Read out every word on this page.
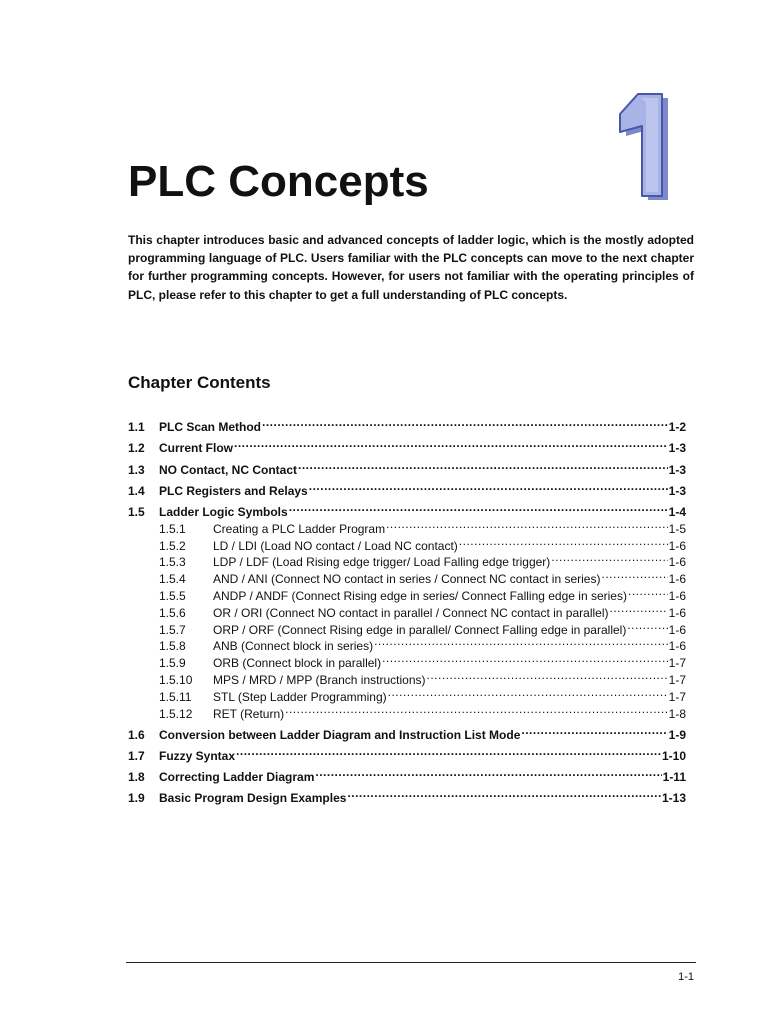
PLC Concepts

This chapter introduces basic and advanced concepts of ladder logic, which is the mostly adopted programming language of PLC. Users familiar with the PLC concepts can move to the next chapter for further programming concepts. However, for users not familiar with the operating principles of PLC, please refer to this chapter to get a full understanding of PLC concepts.

Chapter Contents
1.1	PLC Scan Method .....	1-2
1.2	Current Flow .....	1-3
1.3	NO Contact, NC Contact .....	1-3
1.4	PLC Registers and Relays .....	1-3
1.5	Ladder Logic Symbols .....	1-4
1.5.1	Creating a PLC Ladder Program .....	1-5
1.5.2	LD / LDI (Load NO contact / Load NC contact) .....	1-6
1.5.3	LDP / LDF (Load Rising edge trigger/ Load Falling edge trigger) .....	1-6
1.5.4	AND / ANI (Connect NO contact in series / Connect NC contact in series) .....	1-6
1.5.5	ANDP / ANDF (Connect Rising edge in series/ Connect Falling edge in series) .....	1-6
1.5.6	OR / ORI (Connect NO contact in parallel / Connect NC contact in parallel) .....	1-6
1.5.7	ORP / ORF (Connect Rising edge in parallel/ Connect Falling edge in parallel) .....	1-6
1.5.8	ANB (Connect block in series) .....	1-6
1.5.9	ORB (Connect block in parallel) .....	1-7
1.5.10	MPS / MRD / MPP (Branch instructions) .....	1-7
1.5.11	STL (Step Ladder Programming) .....	1-7
1.5.12	RET (Return) .....	1-8
1.6	Conversion between Ladder Diagram and Instruction List Mode .....	1-9
1.7	Fuzzy Syntax .....	1-10
1.8	Correcting Ladder Diagram .....	1-11
1.9	Basic Program Design Examples .....	1-13
1-1
